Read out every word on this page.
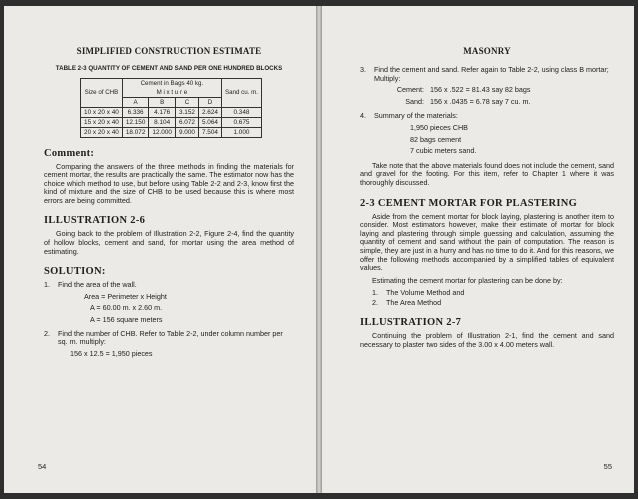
SIMPLIFIED CONSTRUCTION ESTIMATE
TABLE 2-3 QUANTITY OF CEMENT AND SAND PER ONE HUNDRED BLOCKS
Size of CHB	Cement in Bags 40 kg.				Sand cu. m.
	M i x t u r e				
	A	B	C	D	
10 x 20 x 40	6.336	4.176	3.152	2.624	0.348
15 x 20 x 40	12.150	8.104	6.072	5.064	0.675
20 x 20 x 40	18.072	12.000	9.000	7.504	1.000
Comment:

Comparing the answers of the three methods in finding the materials for cement mortar, the results are practically the same. The estimator now has the choice which method to use, but before using Table 2-2 and 2-3, know first the kind of mixture and the size of CHB to be used because this is where most errors are being committed.

ILLUSTRATION 2-6

Going back to the problem of Illustration 2-2, Figure 2-4, find the quantity of hollow blocks, cement and sand, for mortar using the area method of estimating.

SOLUTION:
1.	Find the area of the wall.
Area = Perimeter x Height
A = 60.00 m. x 2.60 m.
A = 156 square meters
2.	Find the number of CHB. Refer to Table 2-2, under column number per sq. m. multiply:
156 x 12.5 = 1,950 pieces
54
MASONRY
3.	Find the cement and sand. Refer again to Table 2-2, using class B mortar; Multiply:
Cement: 156 x .522 = 81.43 say 82 bags
Sand: 156 x .0435 = 6.78 say 7 cu. m.
4.	Summary of the materials:
1,950 pieces CHB
82 bags cement
7 cubic meters sand.

Take note that the above materials found does not include the cement, sand and gravel for the footing. For this item, refer to Chapter 1 where it was thoroughly discussed.

2-3 CEMENT MORTAR FOR PLASTERING

Aside from the cement mortar for block laying, plastering is another item to consider. Most estimators however, make their estimate of mortar for block laying and plastering through simple guessing and calculation, assuming the quantity of cement and sand without the pain of computation. The reason is simple, they are just in a hurry and has no time to do it. And for this reasons, we offer the following methods accompanied by a simplified tables of equivalent values.

Estimating the cement mortar for plastering can be done by:

1.	The Volume Method and
2.	The Area Method
ILLUSTRATION 2-7

Continuing the problem of Illustration 2-1, find the cement and sand necessary to plaster two sides of the 3.00 x 4.00 meters wall.

55
